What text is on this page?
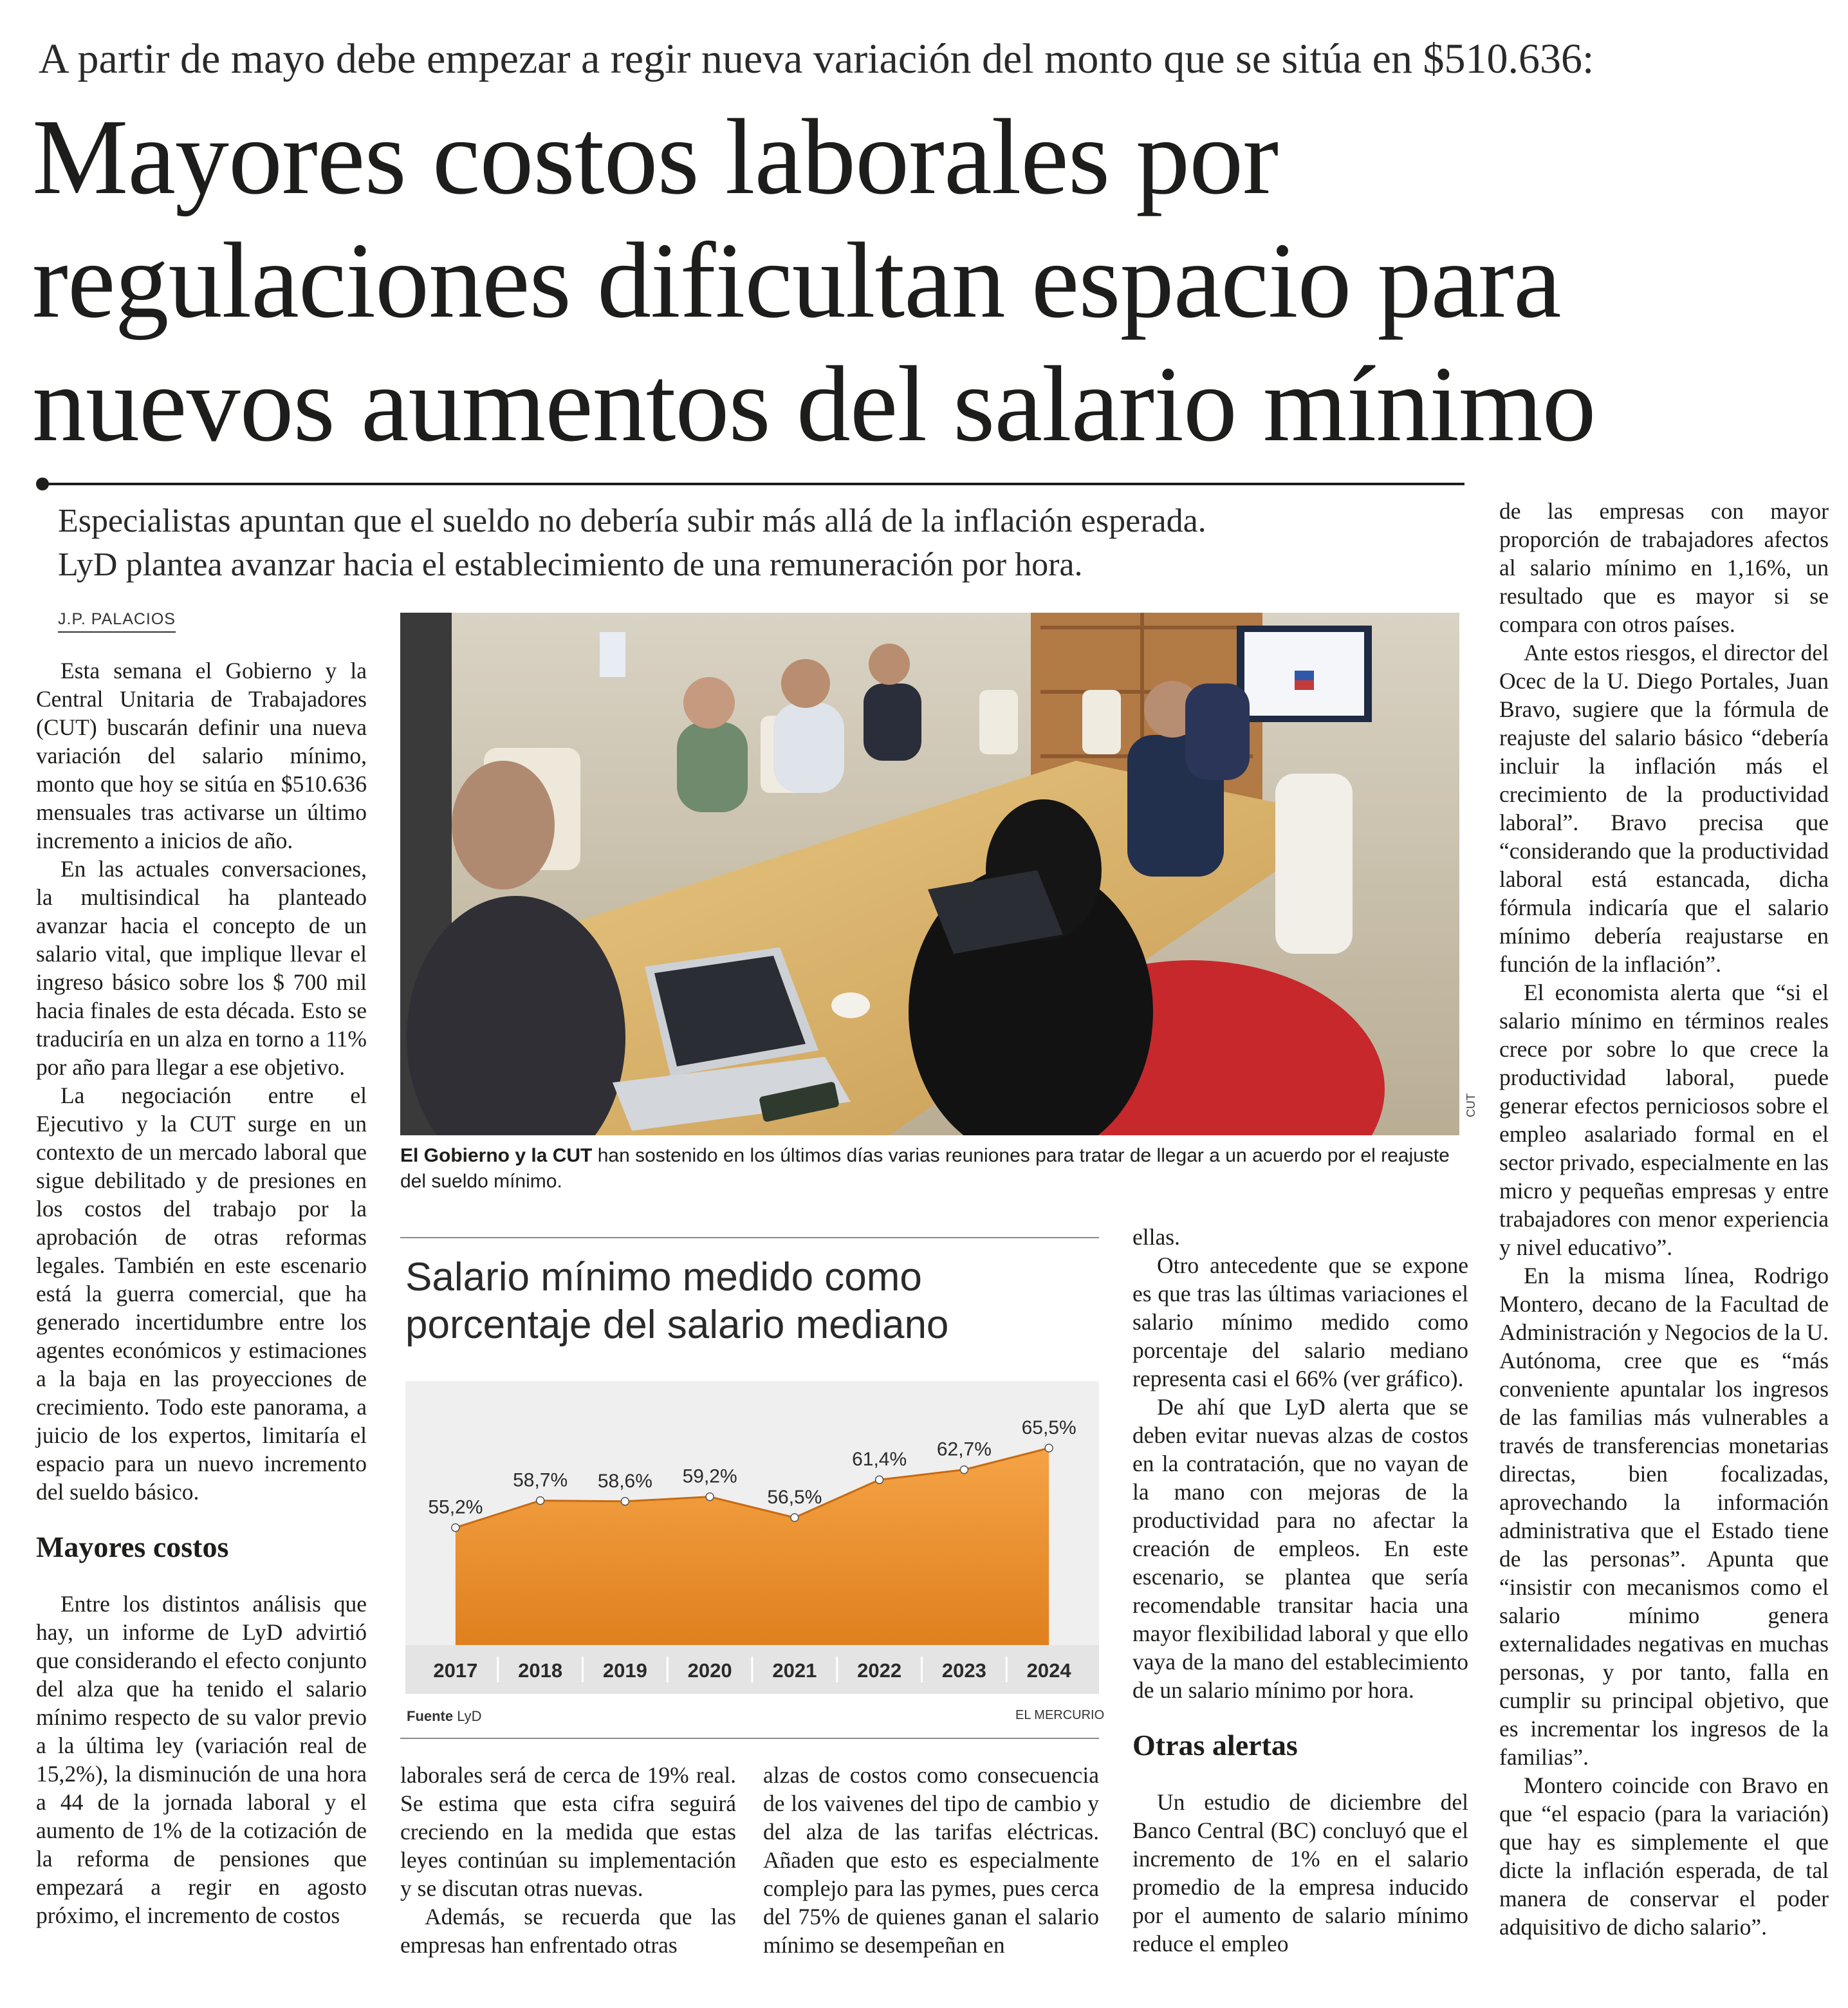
A partir de mayo debe empezar a regir nueva variación del monto que se sitúa en $510.636:
Mayores costos laborales por
regulaciones dificultan espacio para
nuevos aumentos del salario mínimo
Especialistas apuntan que el sueldo no debería subir más allá de la inflación esperada.
LyD plantea avanzar hacia el establecimiento de una remuneración por hora.
J.P. PALACIOS

Esta semana el Gobierno y la Central Unitaria de Trabajadores (CUT) buscarán definir una nueva variación del salario mínimo, monto que hoy se sitúa en $510.636 mensuales tras activarse un último incremento a inicios de año.

En las actuales conversaciones, la multisindical ha planteado avanzar hacia el concepto de un salario vital, que implique llevar el ingreso básico sobre los $ 700 mil hacia finales de esta década. Esto se traduciría en un alza en torno a 11% por año para llegar a ese objetivo.

La negociación entre el Ejecutivo y la CUT surge en un contexto de un mercado laboral que sigue debilitado y de presiones en los costos del trabajo por la aprobación de otras reformas legales. También en este escenario está la guerra comercial, que ha generado incertidumbre entre los agentes económicos y estimaciones a la baja en las proyecciones de crecimiento. Todo este panorama, a juicio de los expertos, limitaría el espacio para un nuevo incremento del sueldo básico.

Mayores costos

Entre los distintos análisis que hay, un informe de LyD advirtió que considerando el efecto conjunto del alza que ha tenido el salario mínimo respecto de su valor previo a la última ley (variación real de 15,2%), la disminución de una hora a 44 de la jornada laboral y el aumento de 1% de la cotización de la reforma de pensiones que empezará a regir en agosto próximo, el incremento de costos

CUT
El Gobierno y la CUT han sostenido en los últimos días varias reuniones para tratar de llegar a un acuerdo por el reajuste del sueldo mínimo.
Salario mínimo medido como
porcentaje del salario mediano
55,2%
58,7% 58,6% 59,2%
56,5%
61,4% 62,7%
65,5%
2017 2018 2019 2020 2021 2022 2023 2024
Fuente LyD	EL MERCURIO

laborales será de cerca de 19% real. Se estima que esta cifra seguirá creciendo en la medida que estas leyes continúan su implementación y se discutan otras nuevas.

Además, se recuerda que las empresas han enfrentado otras

alzas de costos como consecuencia de los vaivenes del tipo de cambio y del alza de las tarifas eléctricas. Añaden que esto es especialmente complejo para las pymes, pues cerca del 75% de quienes ganan el salario mínimo se desempeñan en

ellas.

Otro antecedente que se expone es que tras las últimas variaciones el salario mínimo medido como porcentaje del salario mediano representa casi el 66% (ver gráfico).

De ahí que LyD alerta que se deben evitar nuevas alzas de costos en la contratación, que no vayan de la mano con mejoras de la productividad para no afectar la creación de empleos. En este escenario, se plantea que sería recomendable transitar hacia una mayor flexibilidad laboral y que ello vaya de la mano del establecimiento de un salario mínimo por hora.

Otras alertas

Un estudio de diciembre del Banco Central (BC) concluyó que el incremento de 1% en el salario promedio de la empresa inducido por el aumento de salario mínimo reduce el empleo

de las empresas con mayor proporción de trabajadores afectos al salario mínimo en 1,16%, un resultado que es mayor si se compara con otros países.

Ante estos riesgos, el director del Ocec de la U. Diego Portales, Juan Bravo, sugiere que la fórmula de reajuste del salario básico “debería incluir la inflación más el crecimiento de la productividad laboral”. Bravo precisa que “considerando que la productividad laboral está estancada, dicha fórmula indicaría que el salario mínimo debería reajustarse en función de la inflación”.

El economista alerta que “si el salario mínimo en términos reales crece por sobre lo que crece la productividad laboral, puede generar efectos perniciosos sobre el empleo asalariado formal en el sector privado, especialmente en las micro y pequeñas empresas y entre trabajadores con menor experiencia y nivel educativo”.

En la misma línea, Rodrigo Montero, decano de la Facultad de Administración y Negocios de la U. Autónoma, cree que es “más conveniente apuntalar los ingresos de las familias más vulnerables a través de transferencias monetarias directas, bien focalizadas, aprovechando la información administrativa que el Estado tiene de las personas”. Apunta que “insistir con mecanismos como el salario mínimo genera externalidades negativas en muchas personas, y por tanto, falla en cumplir su principal objetivo, que es incrementar los ingresos de la familias”.

Montero coincide con Bravo en que “el espacio (para la variación) que hay es simplemente el que dicte la inflación esperada, de tal manera de conservar el poder adquisitivo de dicho salario”.
